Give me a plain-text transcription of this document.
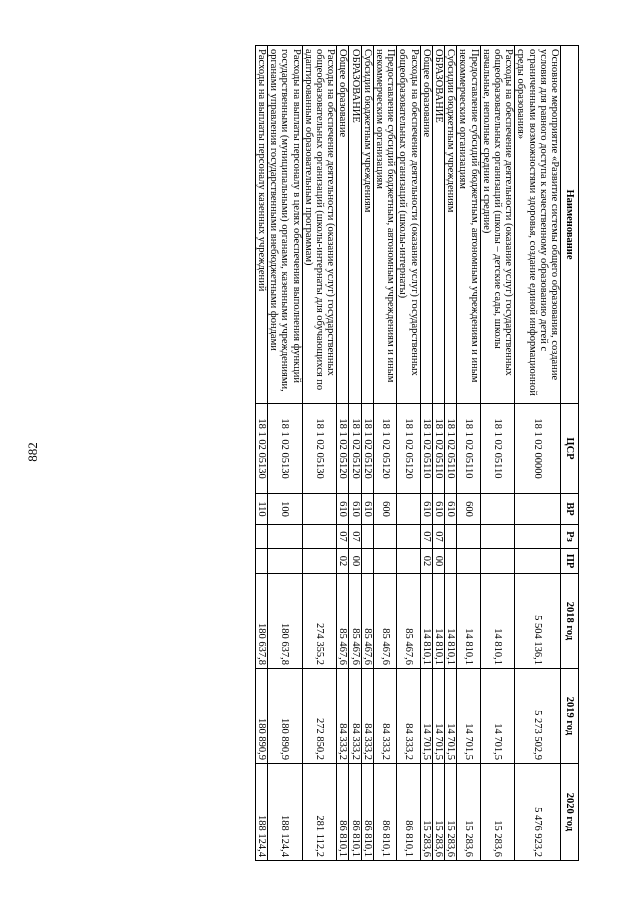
882
Наименование	ЦСР	ВР	Рз	ПР	2018 год	2019 год	2020 год
Основное мероприятие «Развитие системы общего образования, создание условия для равного доступа к качественному образованию детей с ограниченными возможностями здоровья, создание единой информационной среды образования»	18 1 02 00000				5 504 136,1	5 273 502,9	5 476 923,2
Расходы на обеспечение деятельности (оказание услуг) государственных общеобразовательных организаций (школы – детские сады, школы начальные, неполные средние и средние)	18 1 02 05110				14 810,1	14 701,5	15 283,6
Предоставление субсидий бюджетным, автономным учреждениям и иным некоммерческим организациям	18 1 02 05110	600			14 810,1	14 701,5	15 283,6
Субсидии бюджетным учреждениям	18 1 02 05110	610			14 810,1	14 701,5	15 283,6
ОБРАЗОВАНИЕ	18 1 02 05110	610	07	00	14 810,1	14 701,5	15 283,6
Общее образование	18 1 02 05110	610	07	02	14 810,1	14 701,5	15 283,6
Расходы на обеспечение деятельности (оказание услуг) государственных общеобразовательных организаций (школы-интернаты)	18 1 02 05120				85 467,6	84 333,2	86 810,1
Предоставление субсидий бюджетным, автономным учреждениям и иным некоммерческим организациям	18 1 02 05120	600			85 467,6	84 333,2	86 810,1
Субсидии бюджетным учреждениям	18 1 02 05120	610			85 467,6	84 333,2	86 810,1
ОБРАЗОВАНИЕ	18 1 02 05120	610	07	00	85 467,6	84 333,2	86 810,1
Общее образование	18 1 02 05120	610	07	02	85 467,6	84 333,2	86 810,1
Расходы на обеспечение деятельности (оказание услуг) государственных общеобразовательных организаций (школы-интернаты для обучающихся по адаптированным образовательным программам)	18 1 02 05130				274 355,2	272 850,2	281 112,2
Расходы на выплаты персоналу в целях обеспечения выполнения функций государственными (муниципальными) органами, казенными учреждениями, органами управления государственными внебюджетными фондами	18 1 02 05130	100			180 637,8	180 890,9	188 124,4
Расходы на выплаты персоналу казенных учреждений	18 1 02 05130	110			180 637,8	180 890,9	188 124,4
